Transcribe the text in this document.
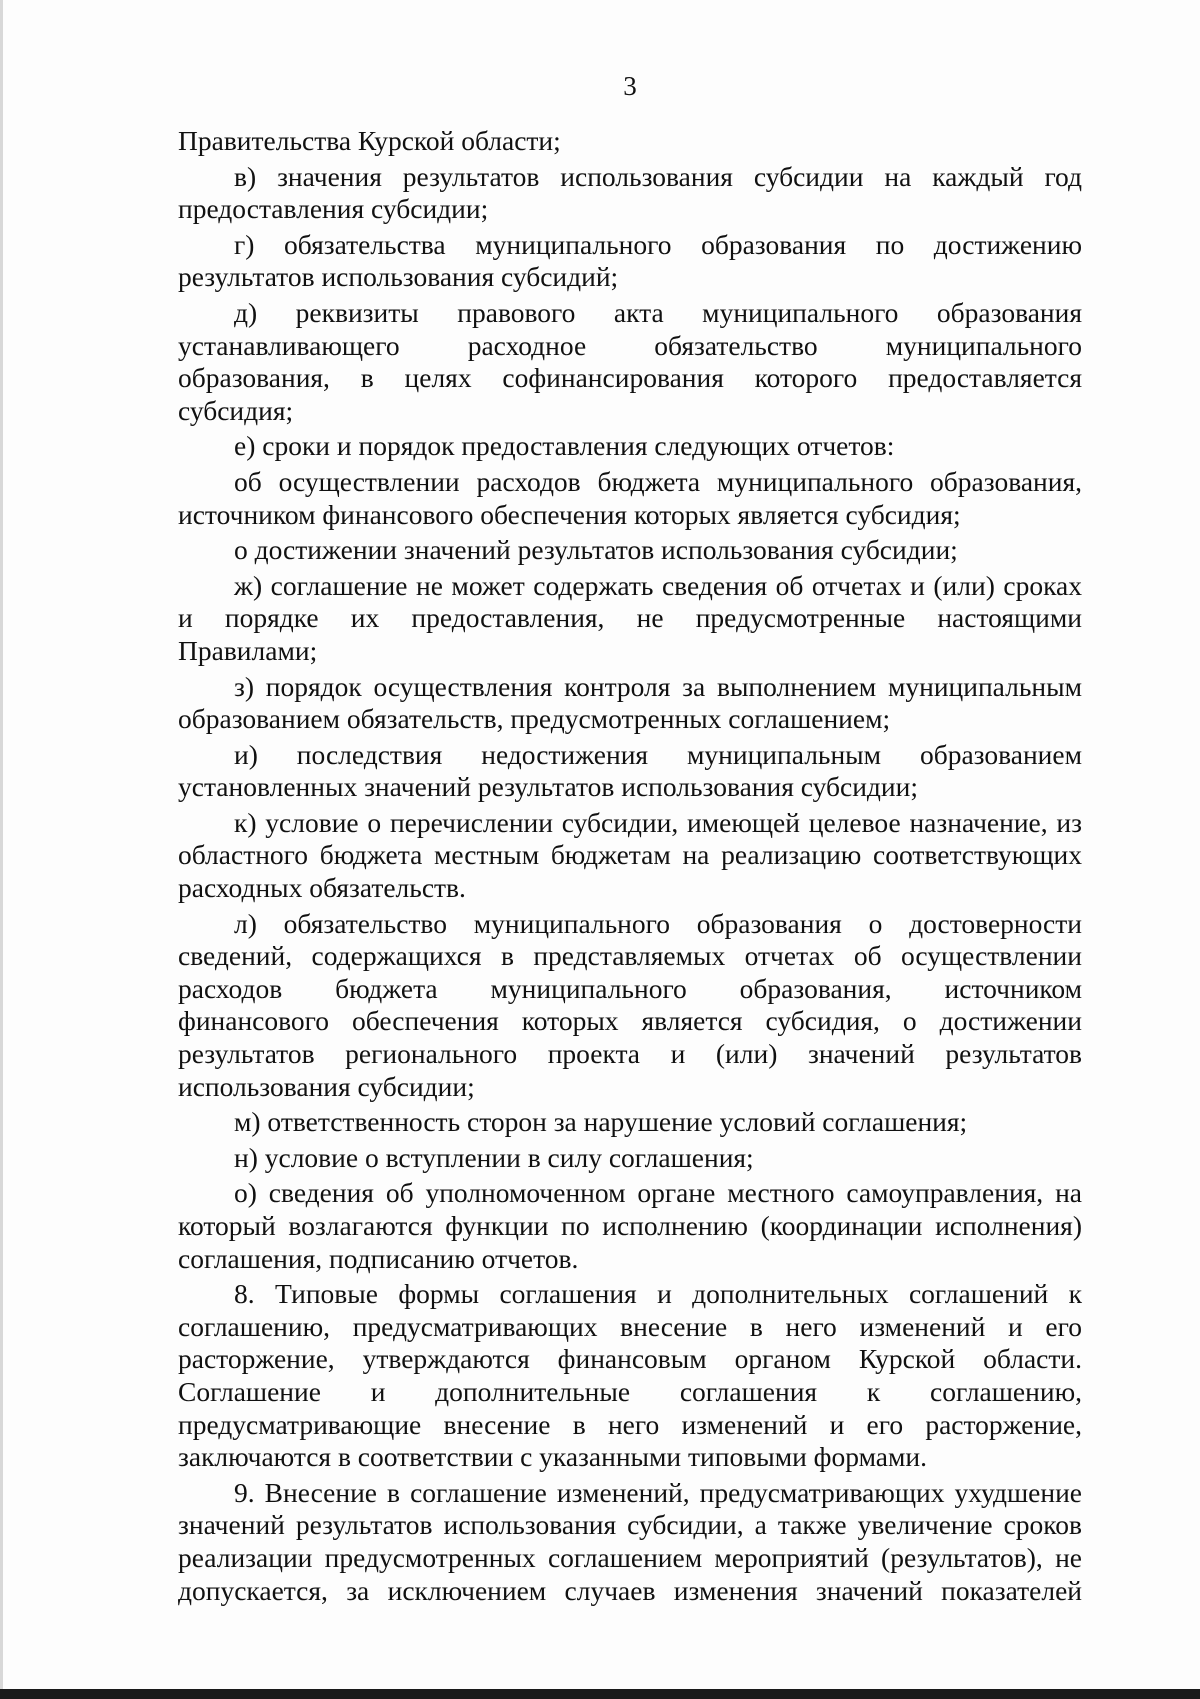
3
Правительства Курской области;
в) значения результатов использования субсидии на каждый год
предоставления субсидии;
г) обязательства муниципального образования по достижению
результатов использования субсидий;
д) реквизиты правового акта муниципального образования
устанавливающего расходное обязательство муниципального
образования, в целях софинансирования которого предоставляется
субсидия;
е) сроки и порядок предоставления следующих отчетов:
об осуществлении расходов бюджета муниципального образования,
источником финансового обеспечения которых является субсидия;
о достижении значений результатов использования субсидии;
ж) соглашение не может содержать сведения об отчетах и (или) сроках
и порядке их предоставления, не предусмотренные настоящими
Правилами;
з) порядок осуществления контроля за выполнением муниципальным
образованием обязательств, предусмотренных соглашением;
и) последствия недостижения муниципальным образованием
установленных значений результатов использования субсидии;
к) условие о перечислении субсидии, имеющей целевое назначение, из
областного бюджета местным бюджетам на реализацию соответствующих
расходных обязательств.
л) обязательство муниципального образования о достоверности
сведений, содержащихся в представляемых отчетах об осуществлении
расходов бюджета муниципального образования, источником
финансового обеспечения которых является субсидия, о достижении
результатов регионального проекта и (или) значений результатов
использования субсидии;
м) ответственность сторон за нарушение условий соглашения;
н) условие о вступлении в силу соглашения;
о) сведения об уполномоченном органе местного самоуправления, на
который возлагаются функции по исполнению (координации исполнения)
соглашения, подписанию отчетов.
8. Типовые формы соглашения и дополнительных соглашений к
соглашению, предусматривающих внесение в него изменений и его
расторжение, утверждаются финансовым органом Курской области.
Соглашение и дополнительные соглашения к соглашению,
предусматривающие внесение в него изменений и его расторжение,
заключаются в соответствии с указанными типовыми формами.
9. Внесение в соглашение изменений, предусматривающих ухудшение
значений результатов использования субсидии, а также увеличение сроков
реализации предусмотренных соглашением мероприятий (результатов), не
допускается, за исключением случаев изменения значений показателей
